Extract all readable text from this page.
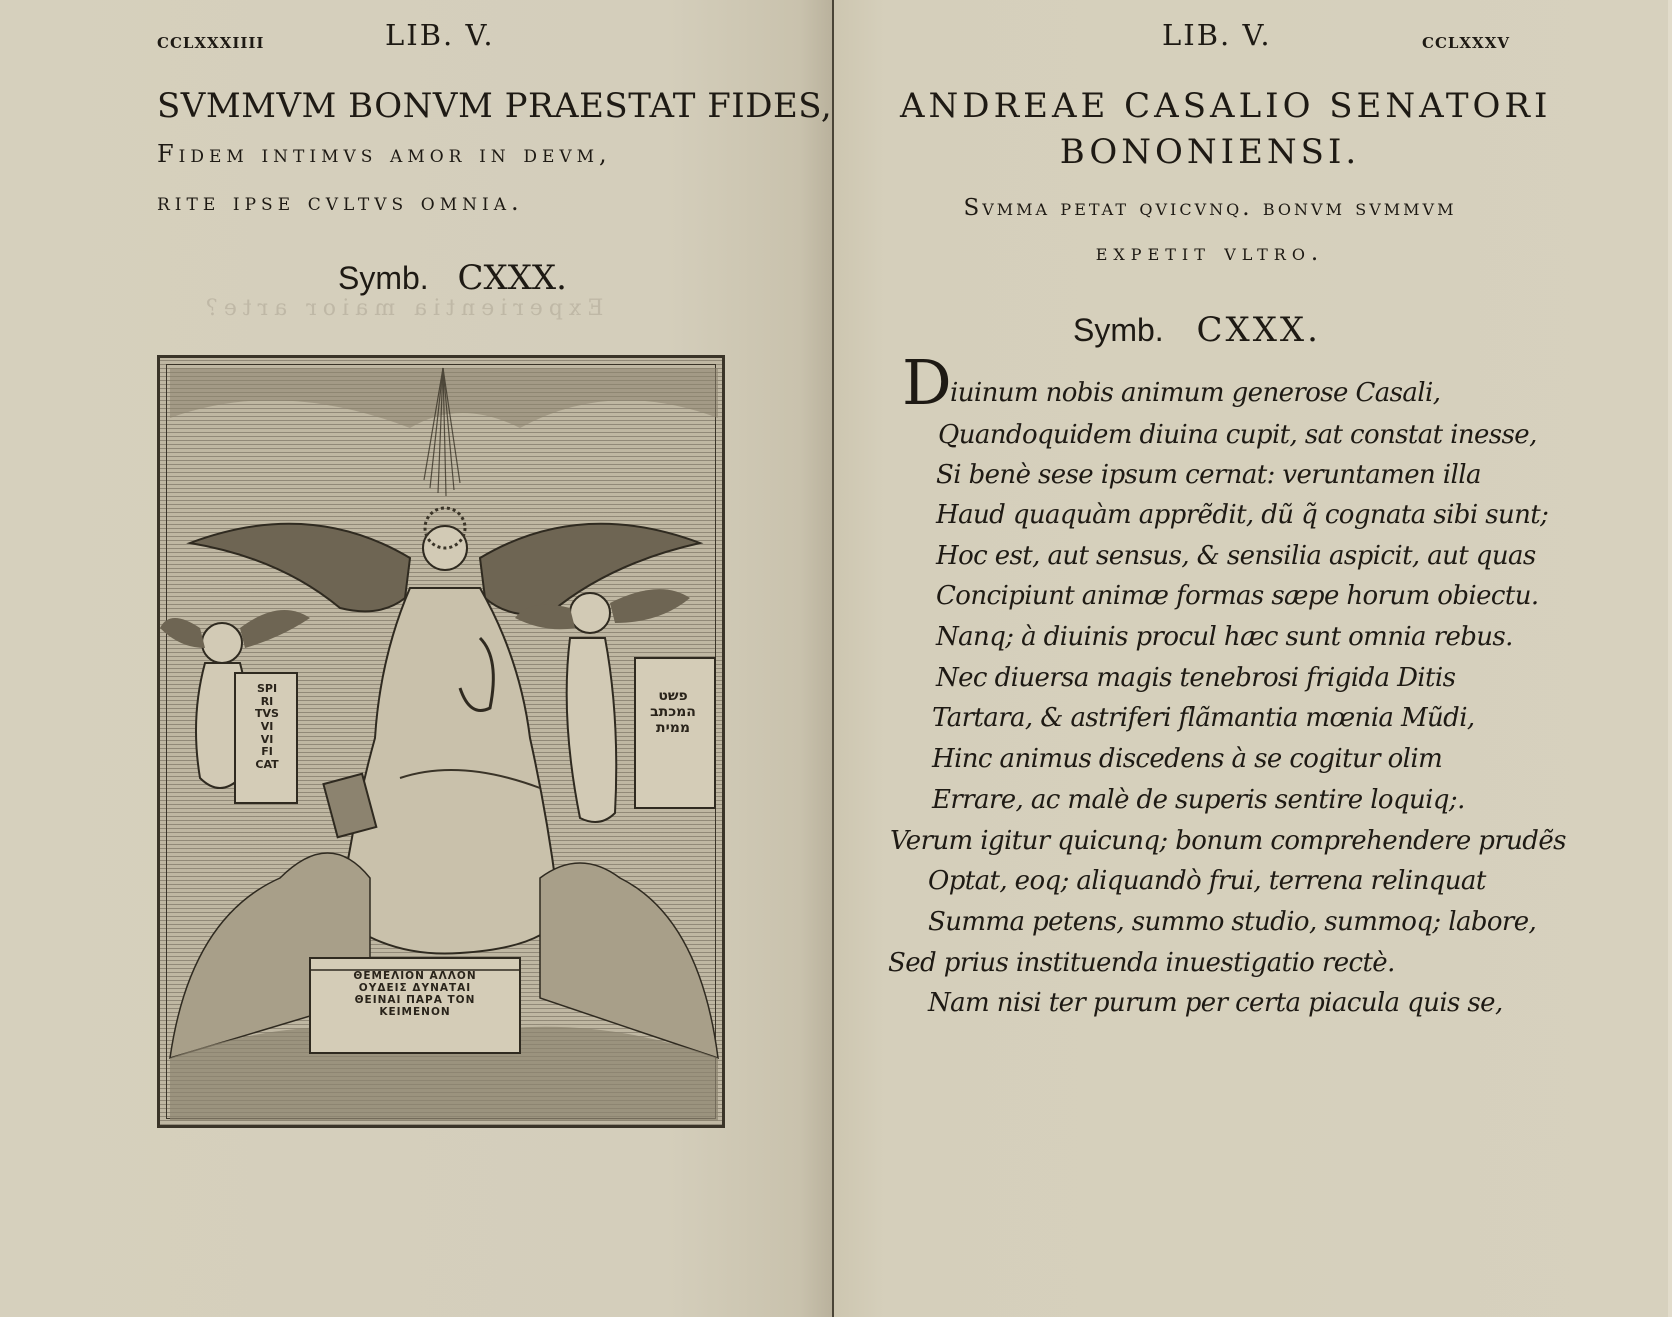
Experientia maior arte?
CCLXXXIIII	LIB. V.
SVMMVM BONVM PRAESTAT FIDES,
Fidem intimvs amor in devm,
rite ipse cvltvs omnia.
Symb. CXXX.
SPI
RI
TVS
VI
VI
FI
CAT
פשט
המכתב
ממית
ΘΕΜΕΛΙΟΝ ΑΛΛΟΝ
ΟΥΔΕΙΣ ΔΥΝΑΤΑΙ
ΘΕΙΝΑΙ ΠΑΡΑ ΤΟΝ
ΚΕΙΜΕΝΟΝ
LIB. V.	CCLXXXV
ANDREAE CASALIO SENATORI
BONONIENSI.
Svmma petat qvicvnq. bonvm svmmvm
expetit vltro.
Symb. CXXX.
D
iuinum nobis animum generose Casali,
Quandoquidem diuina cupit, sat constat inesse,
Si benè sese ipsum cernat: veruntamen illa
Haud quaquàm apprẽdit, dũ q̃ cognata sibi sunt;
Hoc est, aut sensus, & sensilia aspicit, aut quas
Concipiunt animæ formas sæpe horum obiectu.
Nanq; à diuinis procul hæc sunt omnia rebus.
Nec diuersa magis tenebrosi frigida Ditis
Tartara, & astriferi flãmantia mœnia Mũdi,
Hinc animus discedens à se cogitur olim
Errare, ac malè de superis sentire loquiq;.
Verum igitur quicunq; bonum comprehendere prudẽs
Optat, eoq; aliquandò frui, terrena relinquat
Summa petens, summo studio, summoq; labore,
Sed prius instituenda inuestigatio rectè.
Nam nisi ter purum per certa piacula quis se,
